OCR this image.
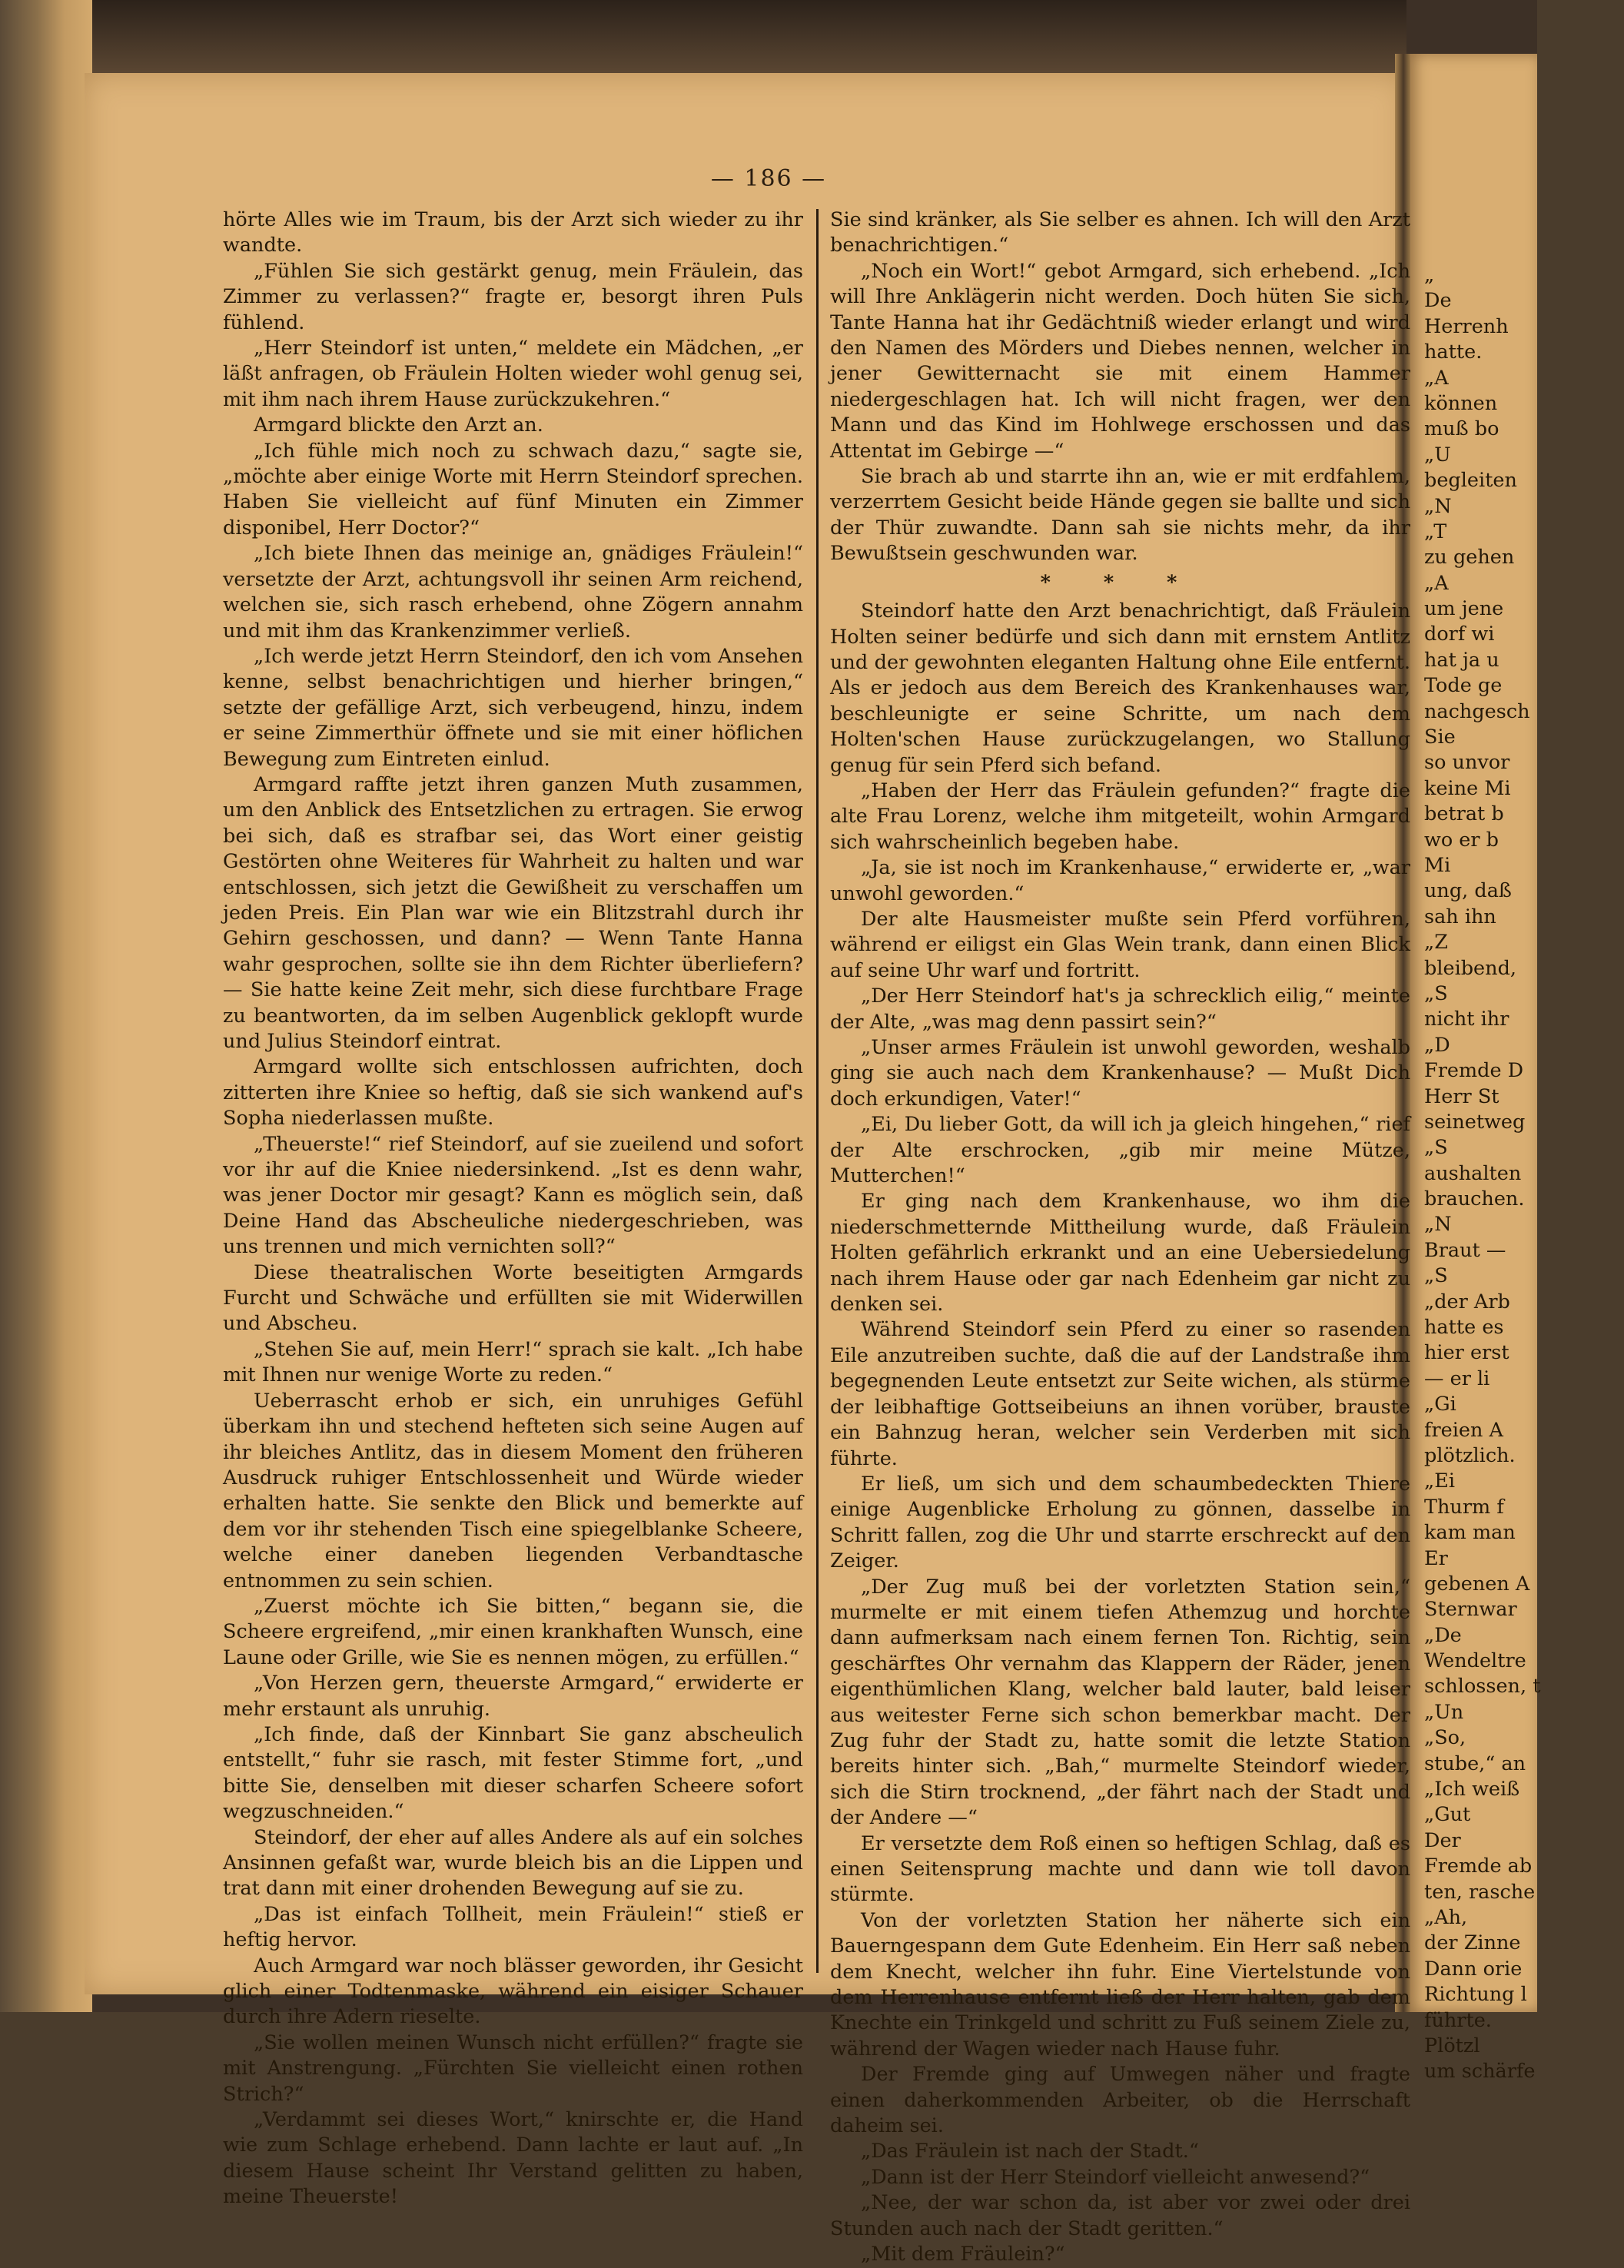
„
De
Herrenh
hatte.
„A
können
muß bo
„U
begleiten
„N
„T
zu gehen
„A
um jene
dorf wi
hat ja u
Tode ge
nachgesch
Sie
so unvor
keine Mi
betrat b
wo er b
Mi
ung, daß
sah ihn
„Z
bleibend,
„S
nicht ihr
„D
Fremde D
Herr St
seinetweg
„S
aushalten
brauchen.
„N
Braut —
„S
„der Arb
hatte es
hier erst
— er li
„Gi
freien A
plötzlich.
„Ei
Thurm f
kam man
Er
gebenen A
Sternwar
„De
Wendeltre
schlossen, t
„Un
„So,
stube,“ an
„Ich weiß
„Gut
Der
Fremde ab
ten, rasche
„Ah,
der Zinne
Dann orie
Richtung l
führte.
Plötzl
um schärfe
— 186 —

hörte Alles wie im Traum, bis der Arzt sich wieder zu ihr wandte.

„Fühlen Sie sich gestärkt genug, mein Fräulein, das Zimmer zu verlassen?“ fragte er, besorgt ihren Puls fühlend.

„Herr Steindorf ist unten,“ meldete ein Mädchen, „er läßt anfragen, ob Fräulein Holten wieder wohl genug sei, mit ihm nach ihrem Hause zurückzukehren.“

Armgard blickte den Arzt an.

„Ich fühle mich noch zu schwach dazu,“ sagte sie, „möchte aber einige Worte mit Herrn Steindorf sprechen. Haben Sie vielleicht auf fünf Minuten ein Zimmer disponibel, Herr Doctor?“

„Ich biete Ihnen das meinige an, gnädiges Fräulein!“ versetzte der Arzt, achtungsvoll ihr seinen Arm reichend, welchen sie, sich rasch erhebend, ohne Zögern annahm und mit ihm das Krankenzimmer verließ.

„Ich werde jetzt Herrn Steindorf, den ich vom Ansehen kenne, selbst benachrichtigen und hierher bringen,“ setzte der gefällige Arzt, sich verbeugend, hinzu, indem er seine Zimmerthür öffnete und sie mit einer höflichen Bewegung zum Eintreten einlud.

Armgard raffte jetzt ihren ganzen Muth zusammen, um den Anblick des Entsetzlichen zu ertragen. Sie erwog bei sich, daß es strafbar sei, das Wort einer geistig Gestörten ohne Weiteres für Wahrheit zu halten und war entschlossen, sich jetzt die Gewißheit zu verschaffen um jeden Preis. Ein Plan war wie ein Blitzstrahl durch ihr Gehirn geschossen, und dann? — Wenn Tante Hanna wahr gesprochen, sollte sie ihn dem Richter überliefern? — Sie hatte keine Zeit mehr, sich diese furchtbare Frage zu beantworten, da im selben Augenblick geklopft wurde und Julius Steindorf eintrat.

Armgard wollte sich entschlossen aufrichten, doch zitterten ihre Kniee so heftig, daß sie sich wankend auf's Sopha niederlassen mußte.

„Theuerste!“ rief Steindorf, auf sie zueilend und sofort vor ihr auf die Kniee niedersinkend. „Ist es denn wahr, was jener Doctor mir gesagt? Kann es möglich sein, daß Deine Hand das Abscheuliche niedergeschrieben, was uns trennen und mich vernichten soll?“

Diese theatralischen Worte beseitigten Armgards Furcht und Schwäche und erfüllten sie mit Widerwillen und Abscheu.

„Stehen Sie auf, mein Herr!“ sprach sie kalt. „Ich habe mit Ihnen nur wenige Worte zu reden.“

Ueberrascht erhob er sich, ein unruhiges Gefühl überkam ihn und stechend hefteten sich seine Augen auf ihr bleiches Antlitz, das in diesem Moment den früheren Ausdruck ruhiger Entschlossenheit und Würde wieder erhalten hatte. Sie senkte den Blick und bemerkte auf dem vor ihr stehenden Tisch eine spiegelblanke Scheere, welche einer daneben liegenden Verbandtasche entnommen zu sein schien.

„Zuerst möchte ich Sie bitten,“ begann sie, die Scheere ergreifend, „mir einen krankhaften Wunsch, eine Laune oder Grille, wie Sie es nennen mögen, zu erfüllen.“

„Von Herzen gern, theuerste Armgard,“ erwiderte er mehr erstaunt als unruhig.

„Ich finde, daß der Kinnbart Sie ganz abscheulich entstellt,“ fuhr sie rasch, mit fester Stimme fort, „und bitte Sie, denselben mit dieser scharfen Scheere sofort wegzuschneiden.“

Steindorf, der eher auf alles Andere als auf ein solches Ansinnen gefaßt war, wurde bleich bis an die Lippen und trat dann mit einer drohenden Bewegung auf sie zu.

„Das ist einfach Tollheit, mein Fräulein!“ stieß er heftig hervor.

Auch Armgard war noch blässer geworden, ihr Gesicht glich einer Todtenmaske, während ein eisiger Schauer durch ihre Adern rieselte.

„Sie wollen meinen Wunsch nicht erfüllen?“ fragte sie mit Anstrengung. „Fürchten Sie vielleicht einen rothen Strich?“

„Verdammt sei dieses Wort,“ knirschte er, die Hand wie zum Schlage erhebend. Dann lachte er laut auf. „In diesem Hause scheint Ihr Verstand gelitten zu haben, meine Theuerste!

Sie sind kränker, als Sie selber es ahnen. Ich will den Arzt benachrichtigen.“

„Noch ein Wort!“ gebot Armgard, sich erhebend. „Ich will Ihre Anklägerin nicht werden. Doch hüten Sie sich, Tante Hanna hat ihr Gedächtniß wieder erlangt und wird den Namen des Mörders und Diebes nennen, welcher in jener Gewitternacht sie mit einem Hammer niedergeschlagen hat. Ich will nicht fragen, wer den Mann und das Kind im Hohlwege erschossen und das Attentat im Gebirge —“

Sie brach ab und starrte ihn an, wie er mit erdfahlem, verzerrtem Gesicht beide Hände gegen sie ballte und sich der Thür zuwandte. Dann sah sie nichts mehr, da ihr Bewußtsein geschwunden war.

* * *

Steindorf hatte den Arzt benachrichtigt, daß Fräulein Holten seiner bedürfe und sich dann mit ernstem Antlitz und der gewohnten eleganten Haltung ohne Eile entfernt. Als er jedoch aus dem Bereich des Krankenhauses war, beschleunigte er seine Schritte, um nach dem Holten'schen Hause zurückzugelangen, wo Stallung genug für sein Pferd sich befand.

„Haben der Herr das Fräulein gefunden?“ fragte die alte Frau Lorenz, welche ihm mitgeteilt, wohin Armgard sich wahrscheinlich begeben habe.

„Ja, sie ist noch im Krankenhause,“ erwiderte er, „war unwohl geworden.“

Der alte Hausmeister mußte sein Pferd vorführen, während er eiligst ein Glas Wein trank, dann einen Blick auf seine Uhr warf und fortritt.

„Der Herr Steindorf hat's ja schrecklich eilig,“ meinte der Alte, „was mag denn passirt sein?“

„Unser armes Fräulein ist unwohl geworden, weshalb ging sie auch nach dem Krankenhause? — Mußt Dich doch erkundigen, Vater!“

„Ei, Du lieber Gott, da will ich ja gleich hingehen,“ rief der Alte erschrocken, „gib mir meine Mütze, Mutterchen!“

Er ging nach dem Krankenhause, wo ihm die niederschmetternde Mittheilung wurde, daß Fräulein Holten gefährlich erkrankt und an eine Uebersiedelung nach ihrem Hause oder gar nach Edenheim gar nicht zu denken sei.

Während Steindorf sein Pferd zu einer so rasenden Eile anzutreiben suchte, daß die auf der Landstraße ihm begegnenden Leute entsetzt zur Seite wichen, als stürme der leibhaftige Gottseibeiuns an ihnen vorüber, brauste ein Bahnzug heran, welcher sein Verderben mit sich führte.

Er ließ, um sich und dem schaumbedeckten Thiere einige Augenblicke Erholung zu gönnen, dasselbe in Schritt fallen, zog die Uhr und starrte erschreckt auf den Zeiger.

„Der Zug muß bei der vorletzten Station sein,“ murmelte er mit einem tiefen Athemzug und horchte dann aufmerksam nach einem fernen Ton. Richtig, sein geschärftes Ohr vernahm das Klappern der Räder, jenen eigenthümlichen Klang, welcher bald lauter, bald leiser aus weitester Ferne sich schon bemerkbar macht. Der Zug fuhr der Stadt zu, hatte somit die letzte Station bereits hinter sich. „Bah,“ murmelte Steindorf wieder, sich die Stirn trocknend, „der fährt nach der Stadt und der Andere —“

Er versetzte dem Roß einen so heftigen Schlag, daß es einen Seitensprung machte und dann wie toll davon stürmte.

Von der vorletzten Station her näherte sich ein Bauerngespann dem Gute Edenheim. Ein Herr saß neben dem Knecht, welcher ihn fuhr. Eine Viertelstunde von dem Herrenhause entfernt ließ der Herr halten, gab dem Knechte ein Trinkgeld und schritt zu Fuß seinem Ziele zu, während der Wagen wieder nach Hause fuhr.

Der Fremde ging auf Umwegen näher und fragte einen daherkommenden Arbeiter, ob die Herrschaft daheim sei.

„Das Fräulein ist nach der Stadt.“

„Dann ist der Herr Steindorf vielleicht anwesend?“

„Nee, der war schon da, ist aber vor zwei oder drei Stunden auch nach der Stadt geritten.“

„Mit dem Fräulein?“
